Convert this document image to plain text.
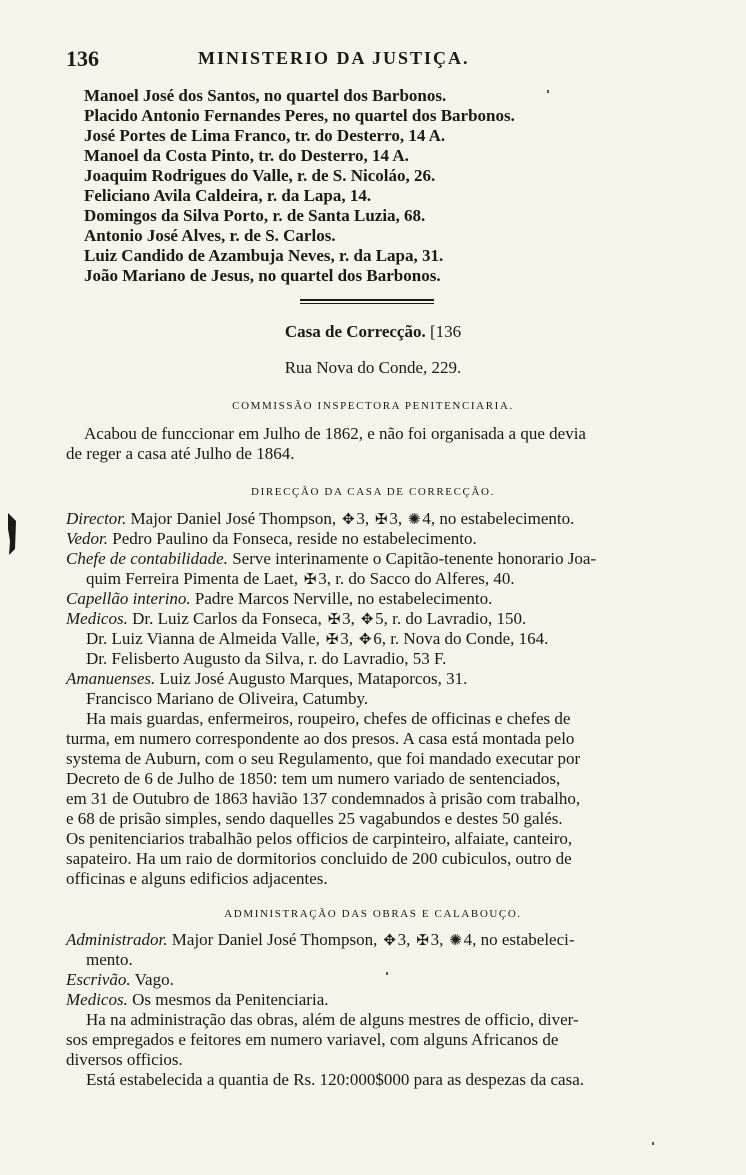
136	MINISTERIO DA JUSTIÇA.
Manoel José dos Santos, no quartel dos Barbonos.
Placido Antonio Fernandes Peres, no quartel dos Barbonos.
José Portes de Lima Franco, tr. do Desterro, 14 A.
Manoel da Costa Pinto, tr. do Desterro, 14 A.
Joaquim Rodrigues do Valle, r. de S. Nicoláo, 26.
Feliciano Avila Caldeira, r. da Lapa, 14.
Domingos da Silva Porto, r. de Santa Luzia, 68.
Antonio José Alves, r. de S. Carlos.
Luiz Candido de Azambuja Neves, r. da Lapa, 31.
João Mariano de Jesus, no quartel dos Barbonos.
Casa de Correcção. [136
Rua Nova do Conde, 229.
COMMISSÃO INSPECTORA PENITENCIARIA.
Acabou de funccionar em Julho de 1862, e não foi organisada a que devia
de reger a casa até Julho de 1864.
DIRECÇÃO DA CASA DE CORRECÇÃO.
Director. Major Daniel José Thompson, ✥ 3, ✠ 3, ✺ 4, no estabelecimento.
Vedor. Pedro Paulino da Fonseca, reside no estabelecimento.
Chefe de contabilidade. Serve interinamente o Capitão-tenente honorario Joa-
quim Ferreira Pimenta de Laet, ✠ 3, r. do Sacco do Alferes, 40.
Capellão interino. Padre Marcos Nerville, no estabelecimento.
Medicos. Dr. Luiz Carlos da Fonseca, ✠ 3, ✥ 5, r. do Lavradio, 150.
Dr. Luiz Vianna de Almeida Valle, ✠ 3, ✥ 6, r. Nova do Conde, 164.
Dr. Felisberto Augusto da Silva, r. do Lavradio, 53 F.
Amanuenses. Luiz José Augusto Marques, Mataporcos, 31.
Francisco Mariano de Oliveira, Catumby.
Ha mais guardas, enfermeiros, roupeiro, chefes de officinas e chefes de
turma, em numero correspondente ao dos presos. A casa está montada pelo
systema de Auburn, com o seu Regulamento, que foi mandado executar por
Decreto de 6 de Julho de 1850: tem um numero variado de sentenciados,
em 31 de Outubro de 1863 havião 137 condemnados à prisão com trabalho,
e 68 de prisão simples, sendo daquelles 25 vagabundos e destes 50 galés.
Os penitenciarios trabalhão pelos officios de carpinteiro, alfaiate, canteiro,
sapateiro. Ha um raio de dormitorios concluido de 200 cubiculos, outro de
officinas e alguns edificios adjacentes.
ADMINISTRAÇÃO DAS OBRAS E CALABOUÇO.
Administrador. Major Daniel José Thompson, ✥ 3, ✠ 3, ✺ 4, no estabeleci-
mento.
Escrivão. Vago.
Medicos. Os mesmos da Penitenciaria.
Ha na administração das obras, além de alguns mestres de officio, diver-
sos empregados e feitores em numero variavel, com alguns Africanos de
diversos officios.
Está estabelecida a quantia de Rs. 120:000$000 para as despezas da casa.
